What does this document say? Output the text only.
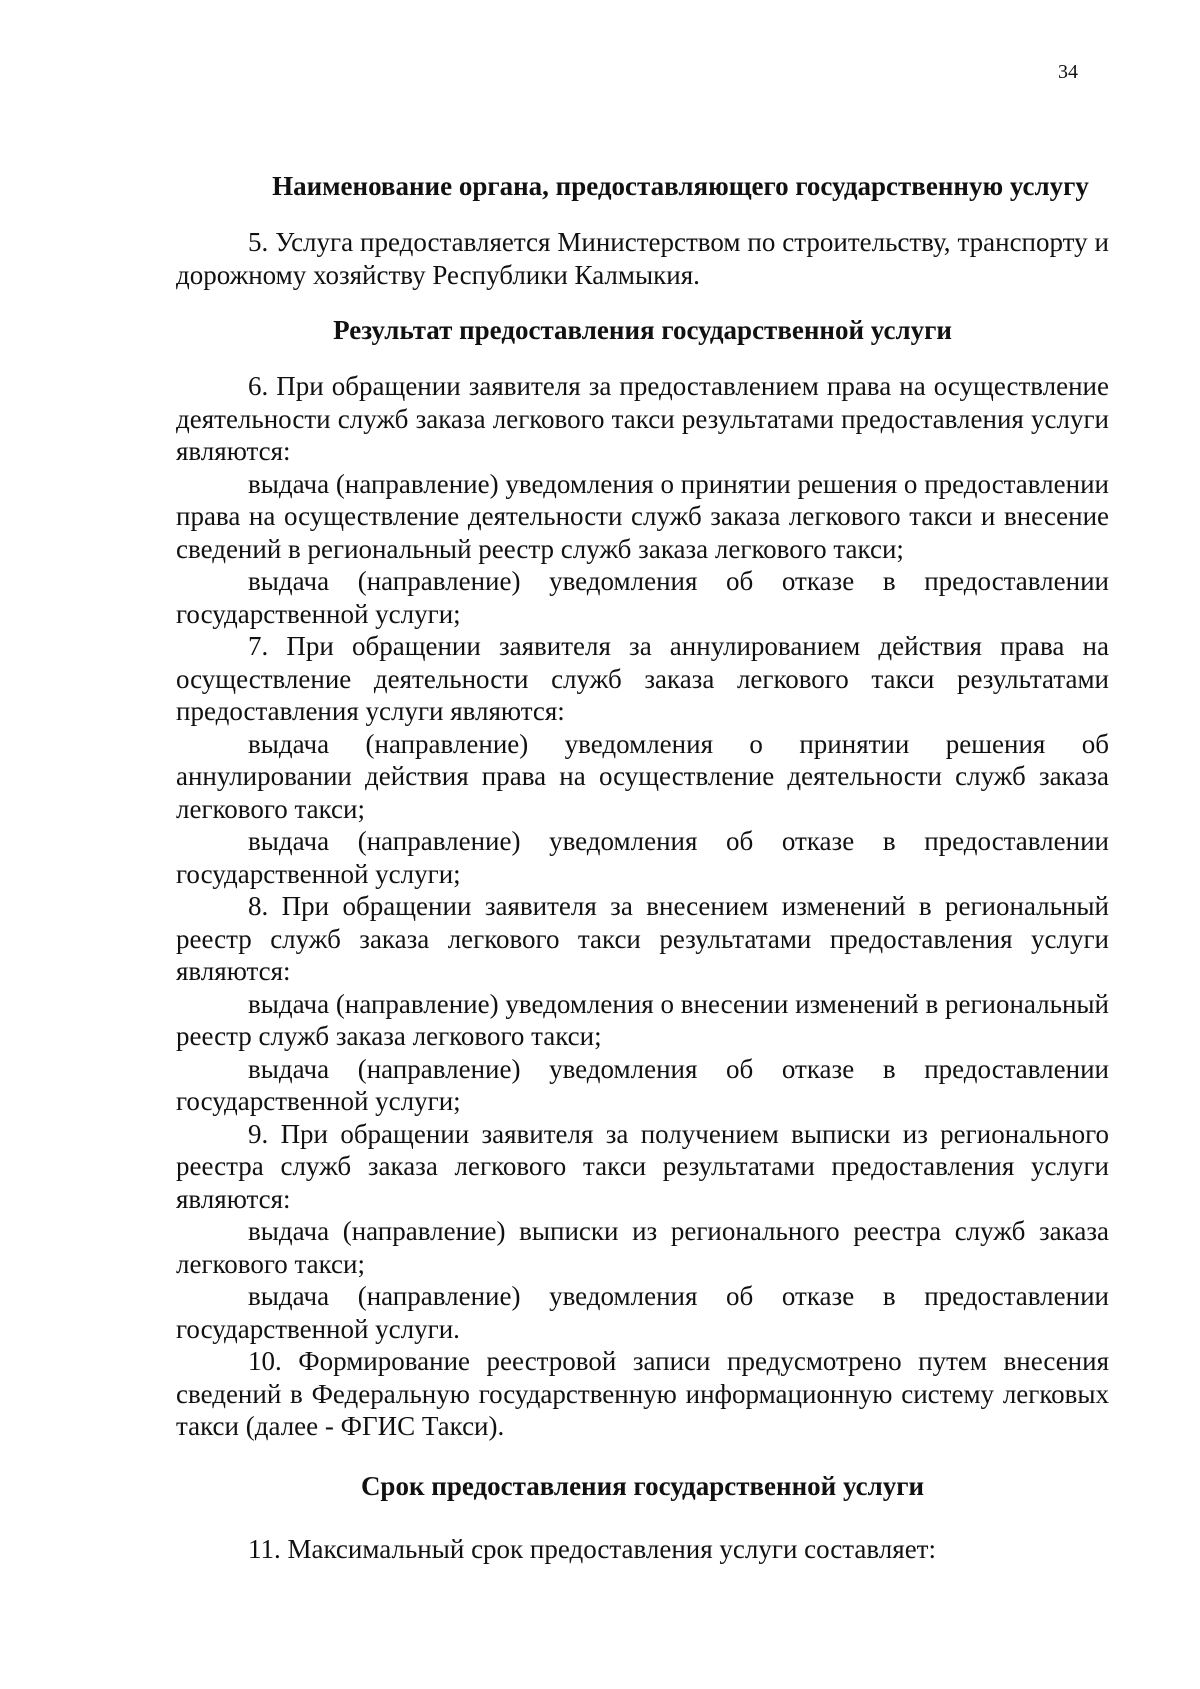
34
Наименование органа, предоставляющего государственную услугу

5. Услуга предоставляется Министерством по строительству, транспорту и дорожному хозяйству Республики Калмыкия.

Результат предоставления государственной услуги

6. При обращении заявителя за предоставлением права на осуществление деятельности служб заказа легкового такси результатами предоставления услуги являются:

выдача (направление) уведомления о принятии решения о предоставлении права на осуществление деятельности служб заказа легкового такси и внесение сведений в региональный реестр служб заказа легкового такси;

выдача (направление) уведомления об отказе в предоставлении государственной услуги;

7. При обращении заявителя за аннулированием действия права на осуществление деятельности служб заказа легкового такси результатами предоставления услуги являются:

выдача (направление) уведомления о принятии решения об аннулировании действия права на осуществление деятельности служб заказа легкового такси;

выдача (направление) уведомления об отказе в предоставлении государственной услуги;

8. При обращении заявителя за внесением изменений в региональный реестр служб заказа легкового такси результатами предоставления услуги являются:

выдача (направление) уведомления о внесении изменений в региональный реестр служб заказа легкового такси;

выдача (направление) уведомления об отказе в предоставлении государственной услуги;

9. При обращении заявителя за получением выписки из регионального реестра служб заказа легкового такси результатами предоставления услуги являются:

выдача (направление) выписки из регионального реестра служб заказа легкового такси;

выдача (направление) уведомления об отказе в предоставлении государственной услуги.

10. Формирование реестровой записи предусмотрено путем внесения сведений в Федеральную государственную информационную систему легковых такси (далее - ФГИС Такси).

Срок предоставления государственной услуги

11. Максимальный срок предоставления услуги составляет:
